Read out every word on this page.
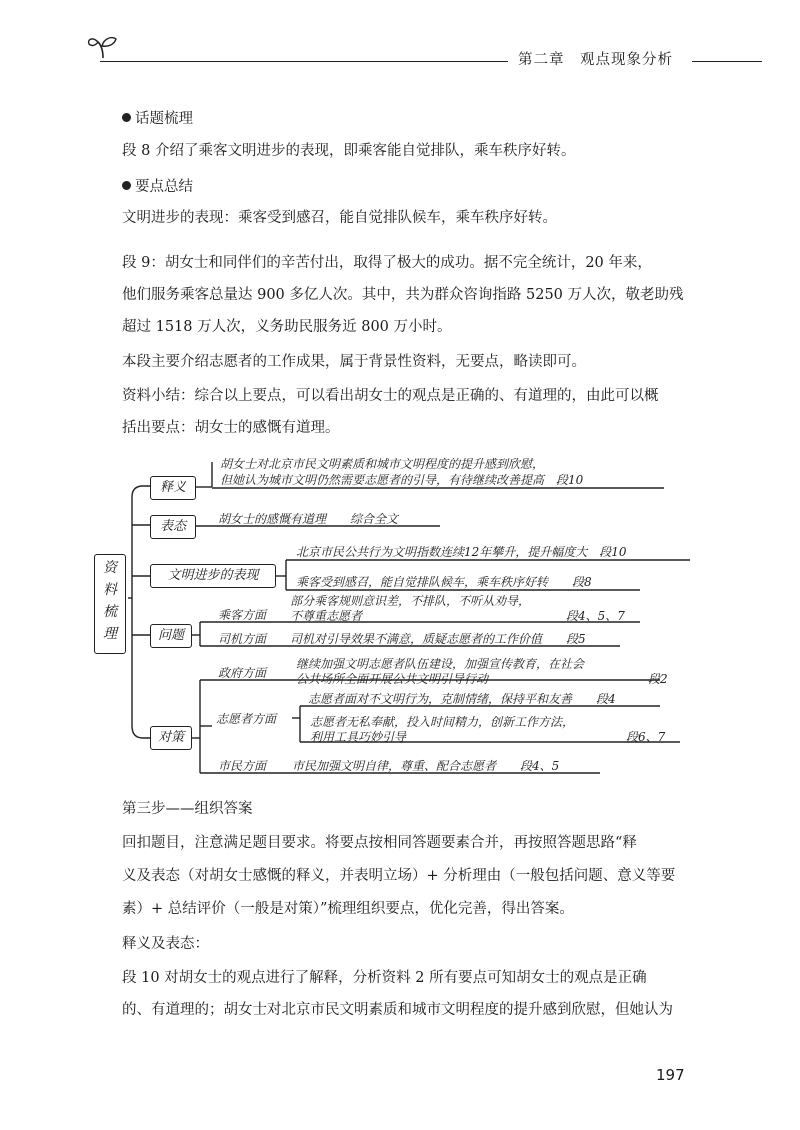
第二章　观点现象分析
话题梳理
段 8 介绍了乘客文明进步的表现，即乘客能自觉排队，乘车秩序好转。
要点总结
文明进步的表现：乘客受到感召，能自觉排队候车，乘车秩序好转。
段 9：胡女士和同伴们的辛苦付出，取得了极大的成功。据不完全统计，20 年来，
他们服务乘客总量达 900 多亿人次。其中，共为群众咨询指路 5250 万人次，敬老助残
超过 1518 万人次，义务助民服务近 800 万小时。
本段主要介绍志愿者的工作成果，属于背景性资料，无要点，略读即可。
资料小结：综合以上要点，可以看出胡女士的观点是正确的、有道理的，由此可以概
括出要点：胡女士的感慨有道理。
资
料
梳
理
释义
胡女士对北京市民文明素质和城市文明程度的提升感到欣慰，
但她认为城市文明仍然需要志愿者的引导，有待继续改善提高　段10
表态	胡女士的感慨有道理　　综合全文
文明进步的表现
北京市民公共行为文明指数连续12年攀升，提升幅度大　段10
乘客受到感召，能自觉排队候车，乘车秩序好转　　段8
乘客方面
部分乘客规则意识差，不排队，不听从劝导，
不尊重志愿者	段4、5、7
问题	司机方面 司机对引导效果不满意，质疑志愿者的工作价值　　段5
政府方面
继续加强文明志愿者队伍建设，加强宣传教育，在社会
公共场所全面开展公共文明引导行动	段2
志愿者方面
志愿者面对不文明行为，克制情绪，保持平和友善　　段4
志愿者无私奉献，投入时间精力，创新工作方法，
利用工具巧妙引导	段6、7
对策
市民方面 市民加强文明自律，尊重、配合志愿者　　段4、5
第三步——组织答案
回扣题目，注意满足题目要求。将要点按相同答题要素合并，再按照答题思路“释
义及表态（对胡女士感慨的释义，并表明立场）+ 分析理由（一般包括问题、意义等要
素）+ 总结评价（一般是对策）”梳理组织要点，优化完善，得出答案。
释义及表态：
段 10 对胡女士的观点进行了解释，分析资料 2 所有要点可知胡女士的观点是正确
的、有道理的；胡女士对北京市民文明素质和城市文明程度的提升感到欣慰，但她认为
197
